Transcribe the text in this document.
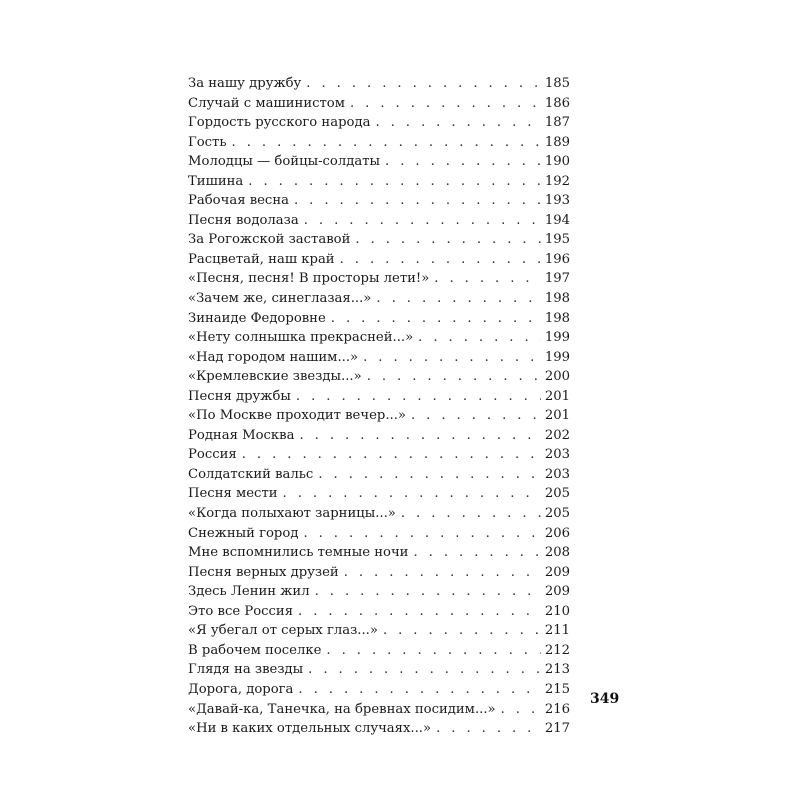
За нашу дружбу . . .	185
Случай с машинистом . . .	186
Гордость русского народа . . .	187
Гость . . .	189
Молодцы — бойцы-солдаты . . .	190
Тишина . . .	192
Рабочая весна . . .	193
Песня водолаза . . .	194
За Рогожской заставой . . .	195
Расцветай, наш край . . .	196
«Песня, песня! В просторы лети!» . . .	197
«Зачем же, синеглазая...» . . .	198
Зинаиде Федоровне . . .	198
«Нету солнышка прекрасней...» . . .	199
«Над городом нашим...» . . .	199
«Кремлевские звезды...» . . .	200
Песня дружбы . . .	201
«По Москве проходит вечер...» . . .	201
Родная Москва . . .	202
Россия . . .	203
Солдатский вальс . . .	203
Песня мести . . .	205
«Когда полыхают зарницы...» . . .	205
Снежный город . . .	206
Мне вспомнились темные ночи . . .	208
Песня верных друзей . . .	209
Здесь Ленин жил . . .	209
Это все Россия . . .	210
«Я убегал от серых глаз...» . . .	211
В рабочем поселке . . .	212
Глядя на звезды . . .	213
Дорога, дорога . . .	215
«Давай-ка, Танечка, на бревнах посидим...» . . .	216
«Ни в каких отдельных случаях...» . . .	217
349
